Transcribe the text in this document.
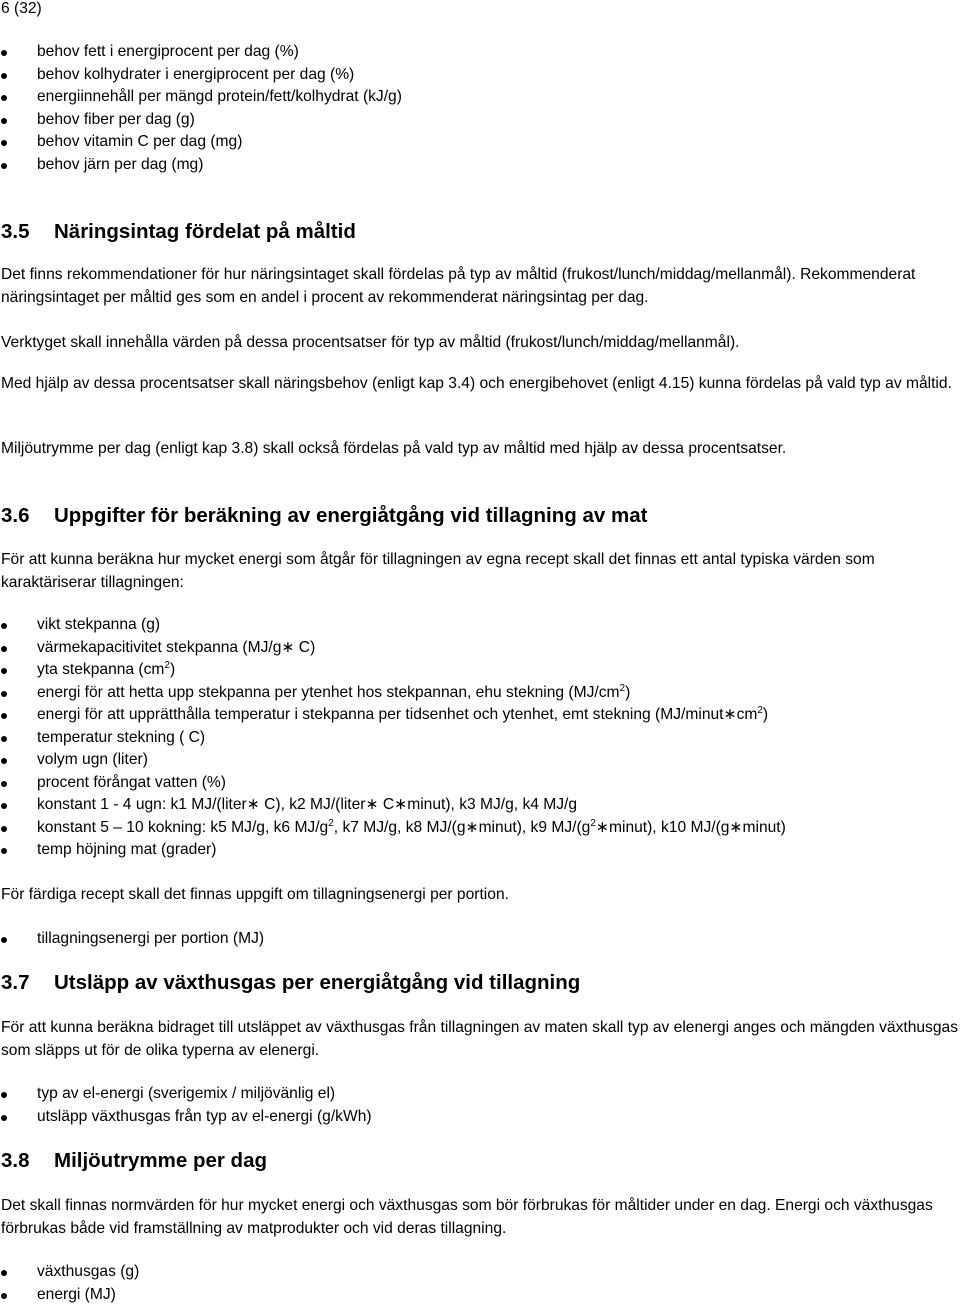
6 (32)
behov fett i energiprocent per dag (%)
behov kolhydrater i energiprocent per dag (%)
energiinnehåll per mängd protein/fett/kolhydrat (kJ/g)
behov fiber per dag (g)
behov vitamin C per dag (mg)
behov järn per dag (mg)
3.5 Näringsintag fördelat på måltid

Det finns rekommendationer för hur näringsintaget skall fördelas på typ av måltid (frukost/lunch/middag/mellanmål). Rekommenderat näringsintaget per måltid ges som en andel i procent av rekommenderat näringsintag per dag.

Verktyget skall innehålla värden på dessa procentsatser för typ av måltid (frukost/lunch/middag/mellanmål).

Med hjälp av dessa procentsatser skall näringsbehov (enligt kap 3.4) och energibehovet (enligt 4.15) kunna fördelas på vald typ av måltid.

Miljöutrymme per dag (enligt kap 3.8) skall också fördelas på vald typ av måltid med hjälp av dessa procentsatser.

3.6 Uppgifter för beräkning av energiåtgång vid tillagning av mat

För att kunna beräkna hur mycket energi som åtgår för tillagningen av egna recept skall det finnas ett antal typiska värden som karaktäriserar tillagningen:

vikt stekpanna (g)
värmekapacitivitet stekpanna (MJ/g∗ C)
yta stekpanna $(cm^2)$
energi för att hetta upp stekpanna per ytenhet hos stekpannan, ehu stekning $(MJ/cm^2)$
energi för att upprätthålla temperatur i stekpanna per tidsenhet och ytenhet, emt stekning $(MJ/minut∗cm^2)$
temperatur stekning ( C)
volym ugn (liter)
procent förångat vatten (%)
konstant 1 - 4 ugn: k1 MJ/(liter∗ C), k2 MJ/(liter∗ C∗minut), k3 MJ/g, k4 MJ/g
konstant 5 – 10 kokning: k5 MJ/g, k6 $MJ/g^2$, k7 MJ/g, k8 MJ/(g∗minut), k9 $MJ/(g^2∗minut)$, k10 MJ/(g∗minut)
temp höjning mat (grader)

För färdiga recept skall det finnas uppgift om tillagningsenergi per portion.

tillagningsenergi per portion (MJ)
3.7 Utsläpp av växthusgas per energiåtgång vid tillagning

För att kunna beräkna bidraget till utsläppet av växthusgas från tillagningen av maten skall typ av elenergi anges och mängden växthusgas som släpps ut för de olika typerna av elenergi.

typ av el-energi (sverigemix / miljövänlig el)
utsläpp växthusgas från typ av el-energi (g/kWh)
3.8 Miljöutrymme per dag

Det skall finnas normvärden för hur mycket energi och växthusgas som bör förbrukas för måltider under en dag. Energi och växthusgas förbrukas både vid framställning av matprodukter och vid deras tillagning.

växthusgas (g)
energi (MJ)
